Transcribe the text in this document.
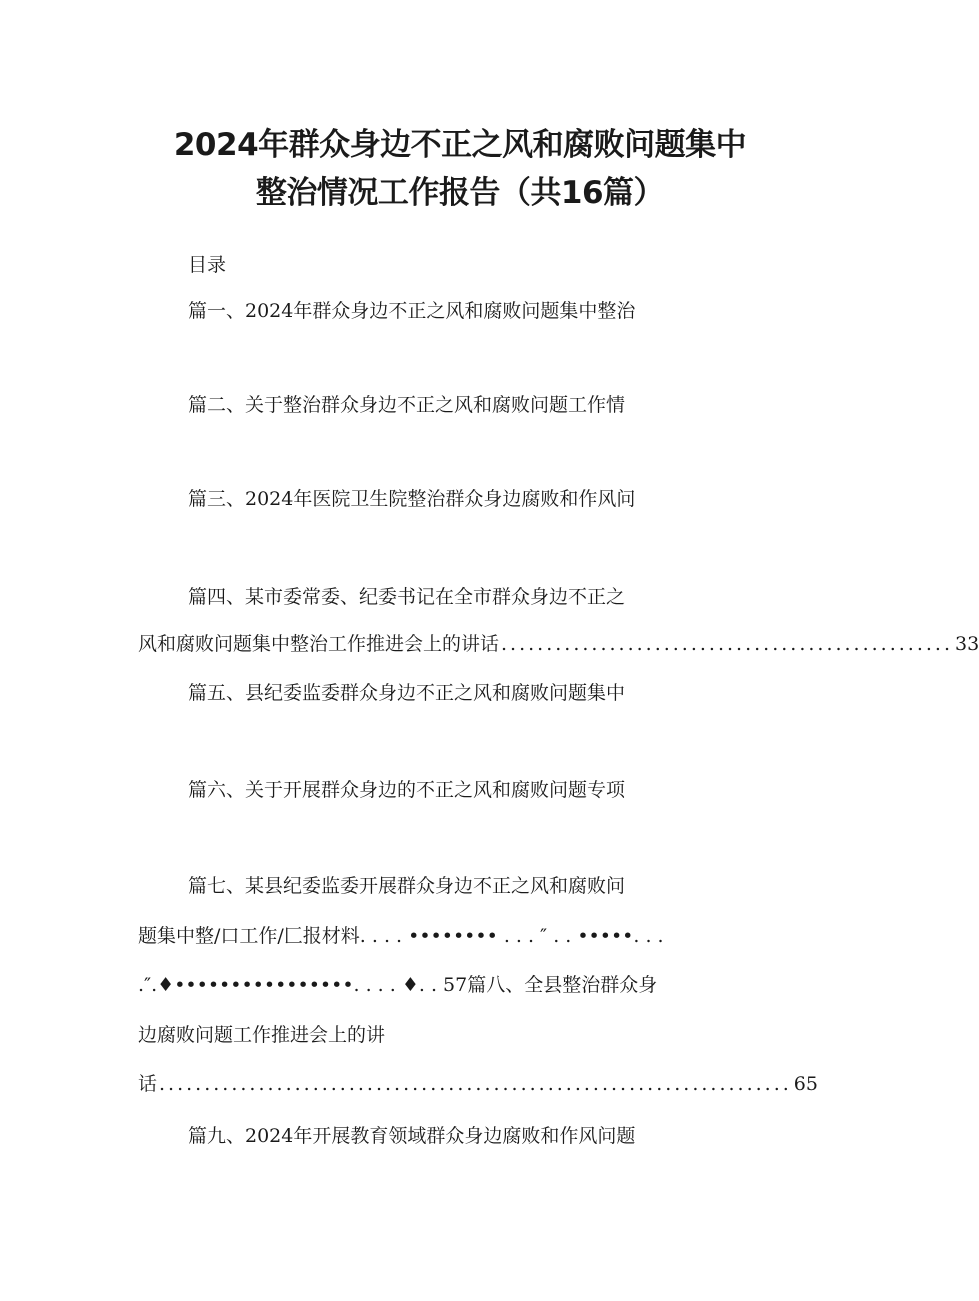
2024年群众身边不正之风和腐败问题集中
整治情况工作报告（共16篇）
目录
篇一、2024年群众身边不正之风和腐败问题集中整治
篇二、关于整治群众身边不正之风和腐败问题工作情
篇三、2024年医院卫生院整治群众身边腐败和作风问
篇四、某市委常委、纪委书记在全市群众身边不正之
风和腐败问题集中整治工作推进会上的讲话 .................................................. 33
篇五、县纪委监委群众身边不正之风和腐败问题集中
篇六、关于开展群众身边的不正之风和腐败问题专项
篇七、某县纪委监委开展群众身边不正之风和腐败问
题集中整/口工作/匚报材料. . . . •••••••• . . . ″ . . •••••. . .
.″.♦••••••••••••••••. . . . ♦. . 57篇八、全县整治群众身
边腐败问题工作推进会上的讲
话 ...................................................................... 65
篇九、2024年开展教育领域群众身边腐败和作风问题
